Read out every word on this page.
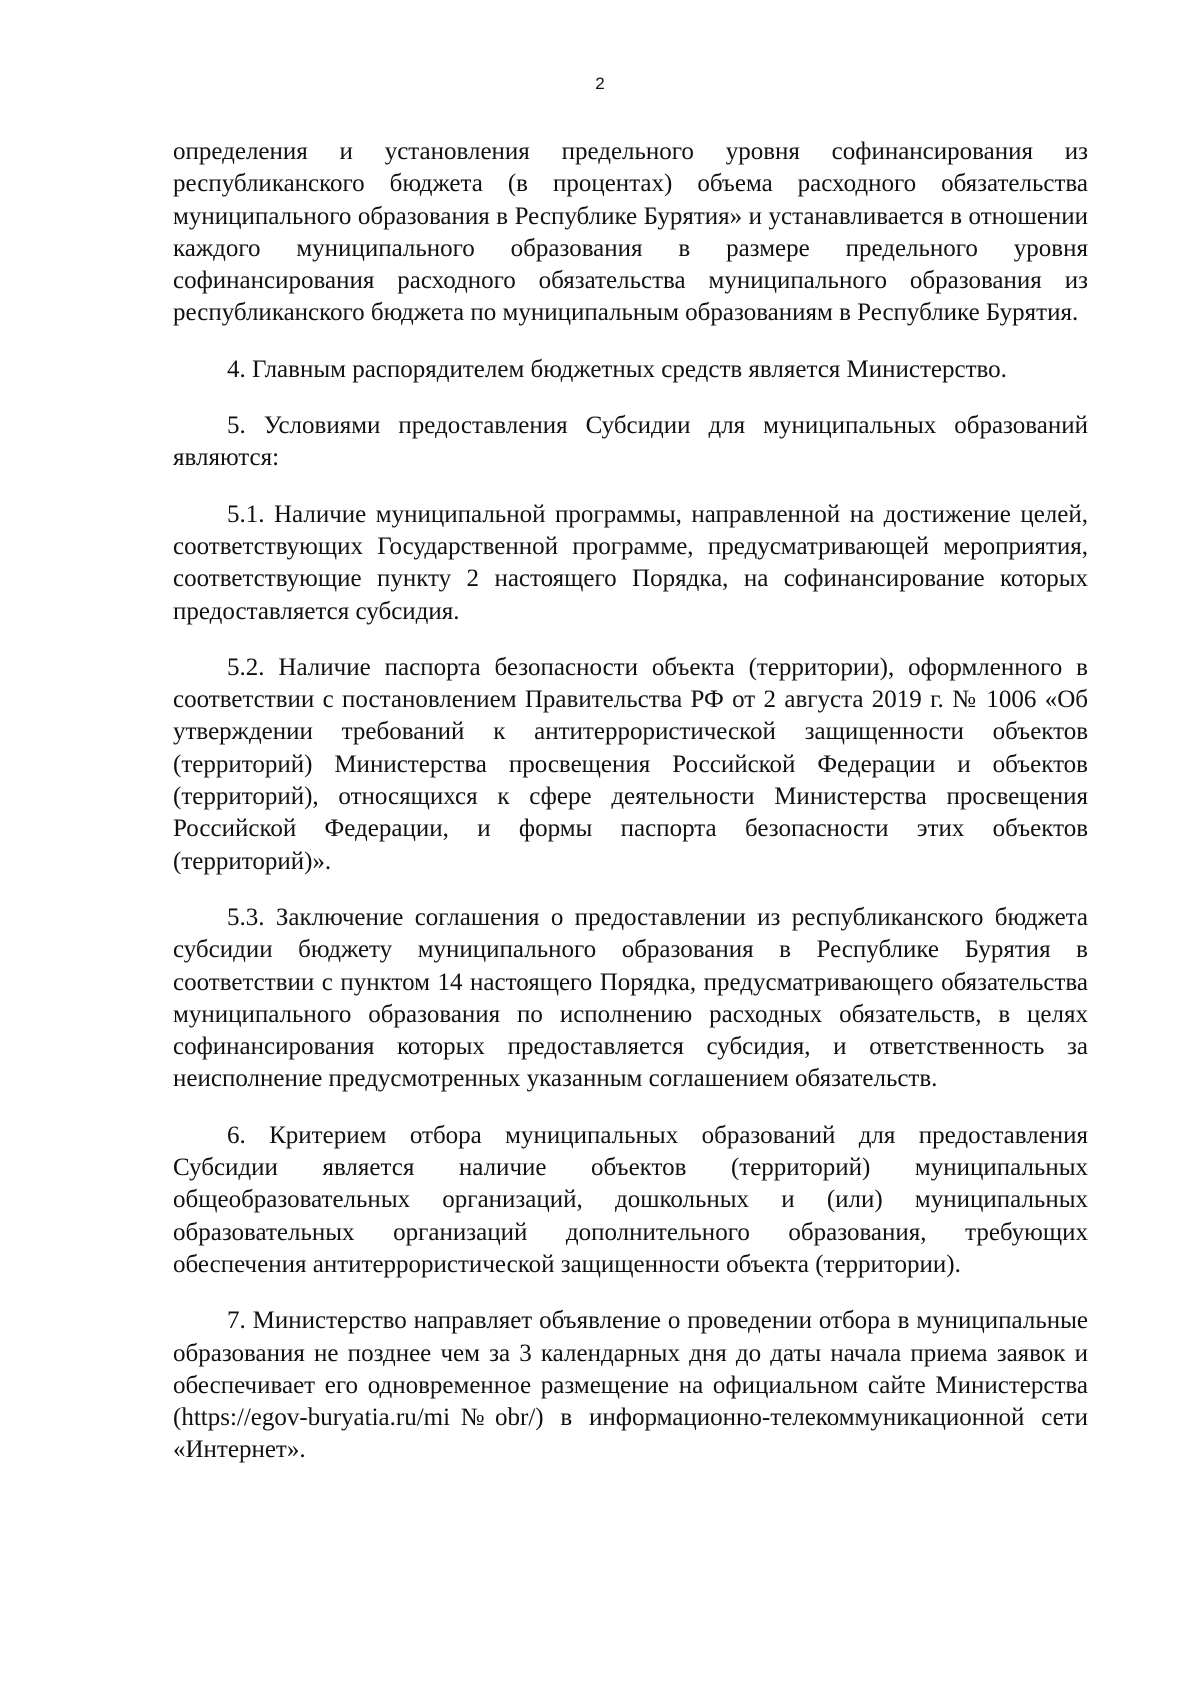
2

определения и установления предельного уровня софинансирования из республиканского бюджета (в процентах) объема расходного обязательства муниципального образования в Республике Бурятия» и устанавливается в отношении каждого муниципального образования в размере предельного уровня софинансирования расходного обязательства муниципального образования из республиканского бюджета по муниципальным образованиям в Республике Бурятия.

4. Главным распорядителем бюджетных средств является Министерство.

5. Условиями предоставления Субсидии для муниципальных образований являются:

5.1. Наличие муниципальной программы, направленной на достижение целей, соответствующих Государственной программе, предусматривающей мероприятия, соответствующие пункту 2 настоящего Порядка, на софинансирование которых предоставляется субсидия.

5.2. Наличие паспорта безопасности объекта (территории), оформленного в соответствии с постановлением Правительства РФ от 2 августа 2019 г. № 1006 «Об утверждении требований к антитеррористической защищенности объектов (территорий) Министерства просвещения Российской Федерации и объектов (территорий), относящихся к сфере деятельности Министерства просвещения Российской Федерации, и формы паспорта безопасности этих объектов (территорий)».

5.3. Заключение соглашения о предоставлении из республиканского бюджета субсидии бюджету муниципального образования в Республике Бурятия в соответствии с пунктом 14 настоящего Порядка, предусматривающего обязательства муниципального образования по исполнению расходных обязательств, в целях софинансирования которых предоставляется субсидия, и ответственность за неисполнение предусмотренных указанным соглашением обязательств.

6. Критерием отбора муниципальных образований для предоставления Субсидии является наличие объектов (территорий) муниципальных общеобразовательных организаций, дошкольных и (или) муниципальных образовательных организаций дополнительного образования, требующих обеспечения антитеррористической защищенности объекта (территории).

7. Министерство направляет объявление о проведении отбора в муниципальные образования не позднее чем за 3 календарных дня до даты начала приема заявок и обеспечивает его одновременное размещение на официальном сайте Министерства (https://egov-buryatia.ru/mi№obr/) в информационно-телекоммуникационной сети «Интернет».
